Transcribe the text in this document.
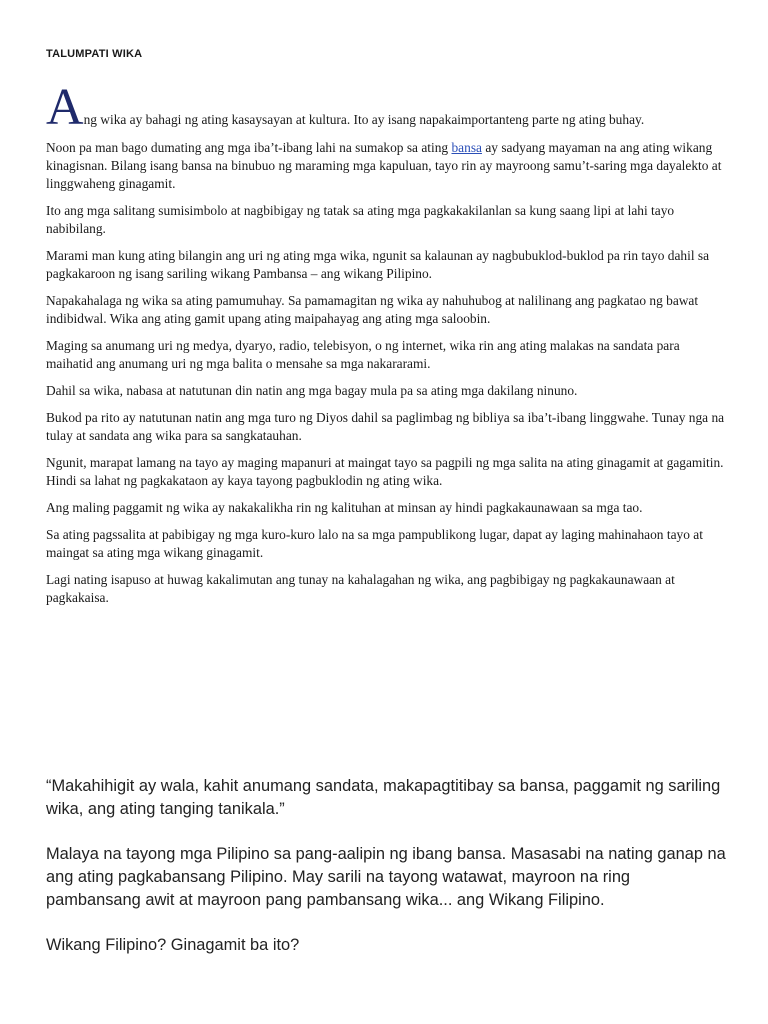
TALUMPATI WIKA

Ang wika ay bahagi ng ating kasaysayan at kultura. Ito ay isang napakaimportanteng parte ng ating buhay.

Noon pa man bago dumating ang mga iba’t-ibang lahi na sumakop sa ating bansa ay sadyang mayaman na ang ating wikang kinagisnan. Bilang isang bansa na binubuo ng maraming mga kapuluan, tayo rin ay mayroong samu’t-saring mga dayalekto at linggwaheng ginagamit.

Ito ang mga salitang sumisimbolo at nagbibigay ng tatak sa ating mga pagkakakilanlan sa kung saang lipi at lahi tayo nabibilang.

Marami man kung ating bilangin ang uri ng ating mga wika, ngunit sa kalaunan ay nagbubuklod-buklod pa rin tayo dahil sa pagkakaroon ng isang sariling wikang Pambansa – ang wikang Pilipino.

Napakahalaga ng wika sa ating pamumuhay. Sa pamamagitan ng wika ay nahuhubog at nalilinang ang pagkatao ng bawat indibidwal. Wika ang ating gamit upang ating maipahayag ang ating mga saloobin.

Maging sa anumang uri ng medya, dyaryo, radio, telebisyon, o ng internet, wika rin ang ating malakas na sandata para maihatid ang anumang uri ng mga balita o mensahe sa mga nakararami.

Dahil sa wika, nabasa at natutunan din natin ang mga bagay mula pa sa ating mga dakilang ninuno.

Bukod pa rito ay natutunan natin ang mga turo ng Diyos dahil sa paglimbag ng bibliya sa iba’t-ibang linggwahe. Tunay nga na tulay at sandata ang wika para sa sangkatauhan.

Ngunit, marapat lamang na tayo ay maging mapanuri at maingat tayo sa pagpili ng mga salita na ating ginagamit at gagamitin. Hindi sa lahat ng pagkakataon ay kaya tayong pagbuklodin ng ating wika.

Ang maling paggamit ng wika ay nakakalikha rin ng kalituhan at minsan ay hindi pagkakaunawaan sa mga tao.

Sa ating pagssalita at pabibigay ng mga kuro-kuro lalo na sa mga pampublikong lugar, dapat ay laging mahinahaon tayo at maingat sa ating mga wikang ginagamit.

Lagi nating isapuso at huwag kakalimutan ang tunay na kahalagahan ng wika, ang pagbibigay ng pagkakaunawaan at pagkakaisa.

“Makahihigit ay wala, kahit anumang sandata, makapagtitibay sa bansa, paggamit ng sariling wika, ang ating tanging tanikala.”

Malaya na tayong mga Pilipino sa pang-aalipin ng ibang bansa. Masasabi na nating ganap na ang ating pagkabansang Pilipino. May sarili na tayong watawat, mayroon na ring pambansang awit at mayroon pang pambansang wika... ang Wikang Filipino.

Wikang Filipino? Ginagamit ba ito?
